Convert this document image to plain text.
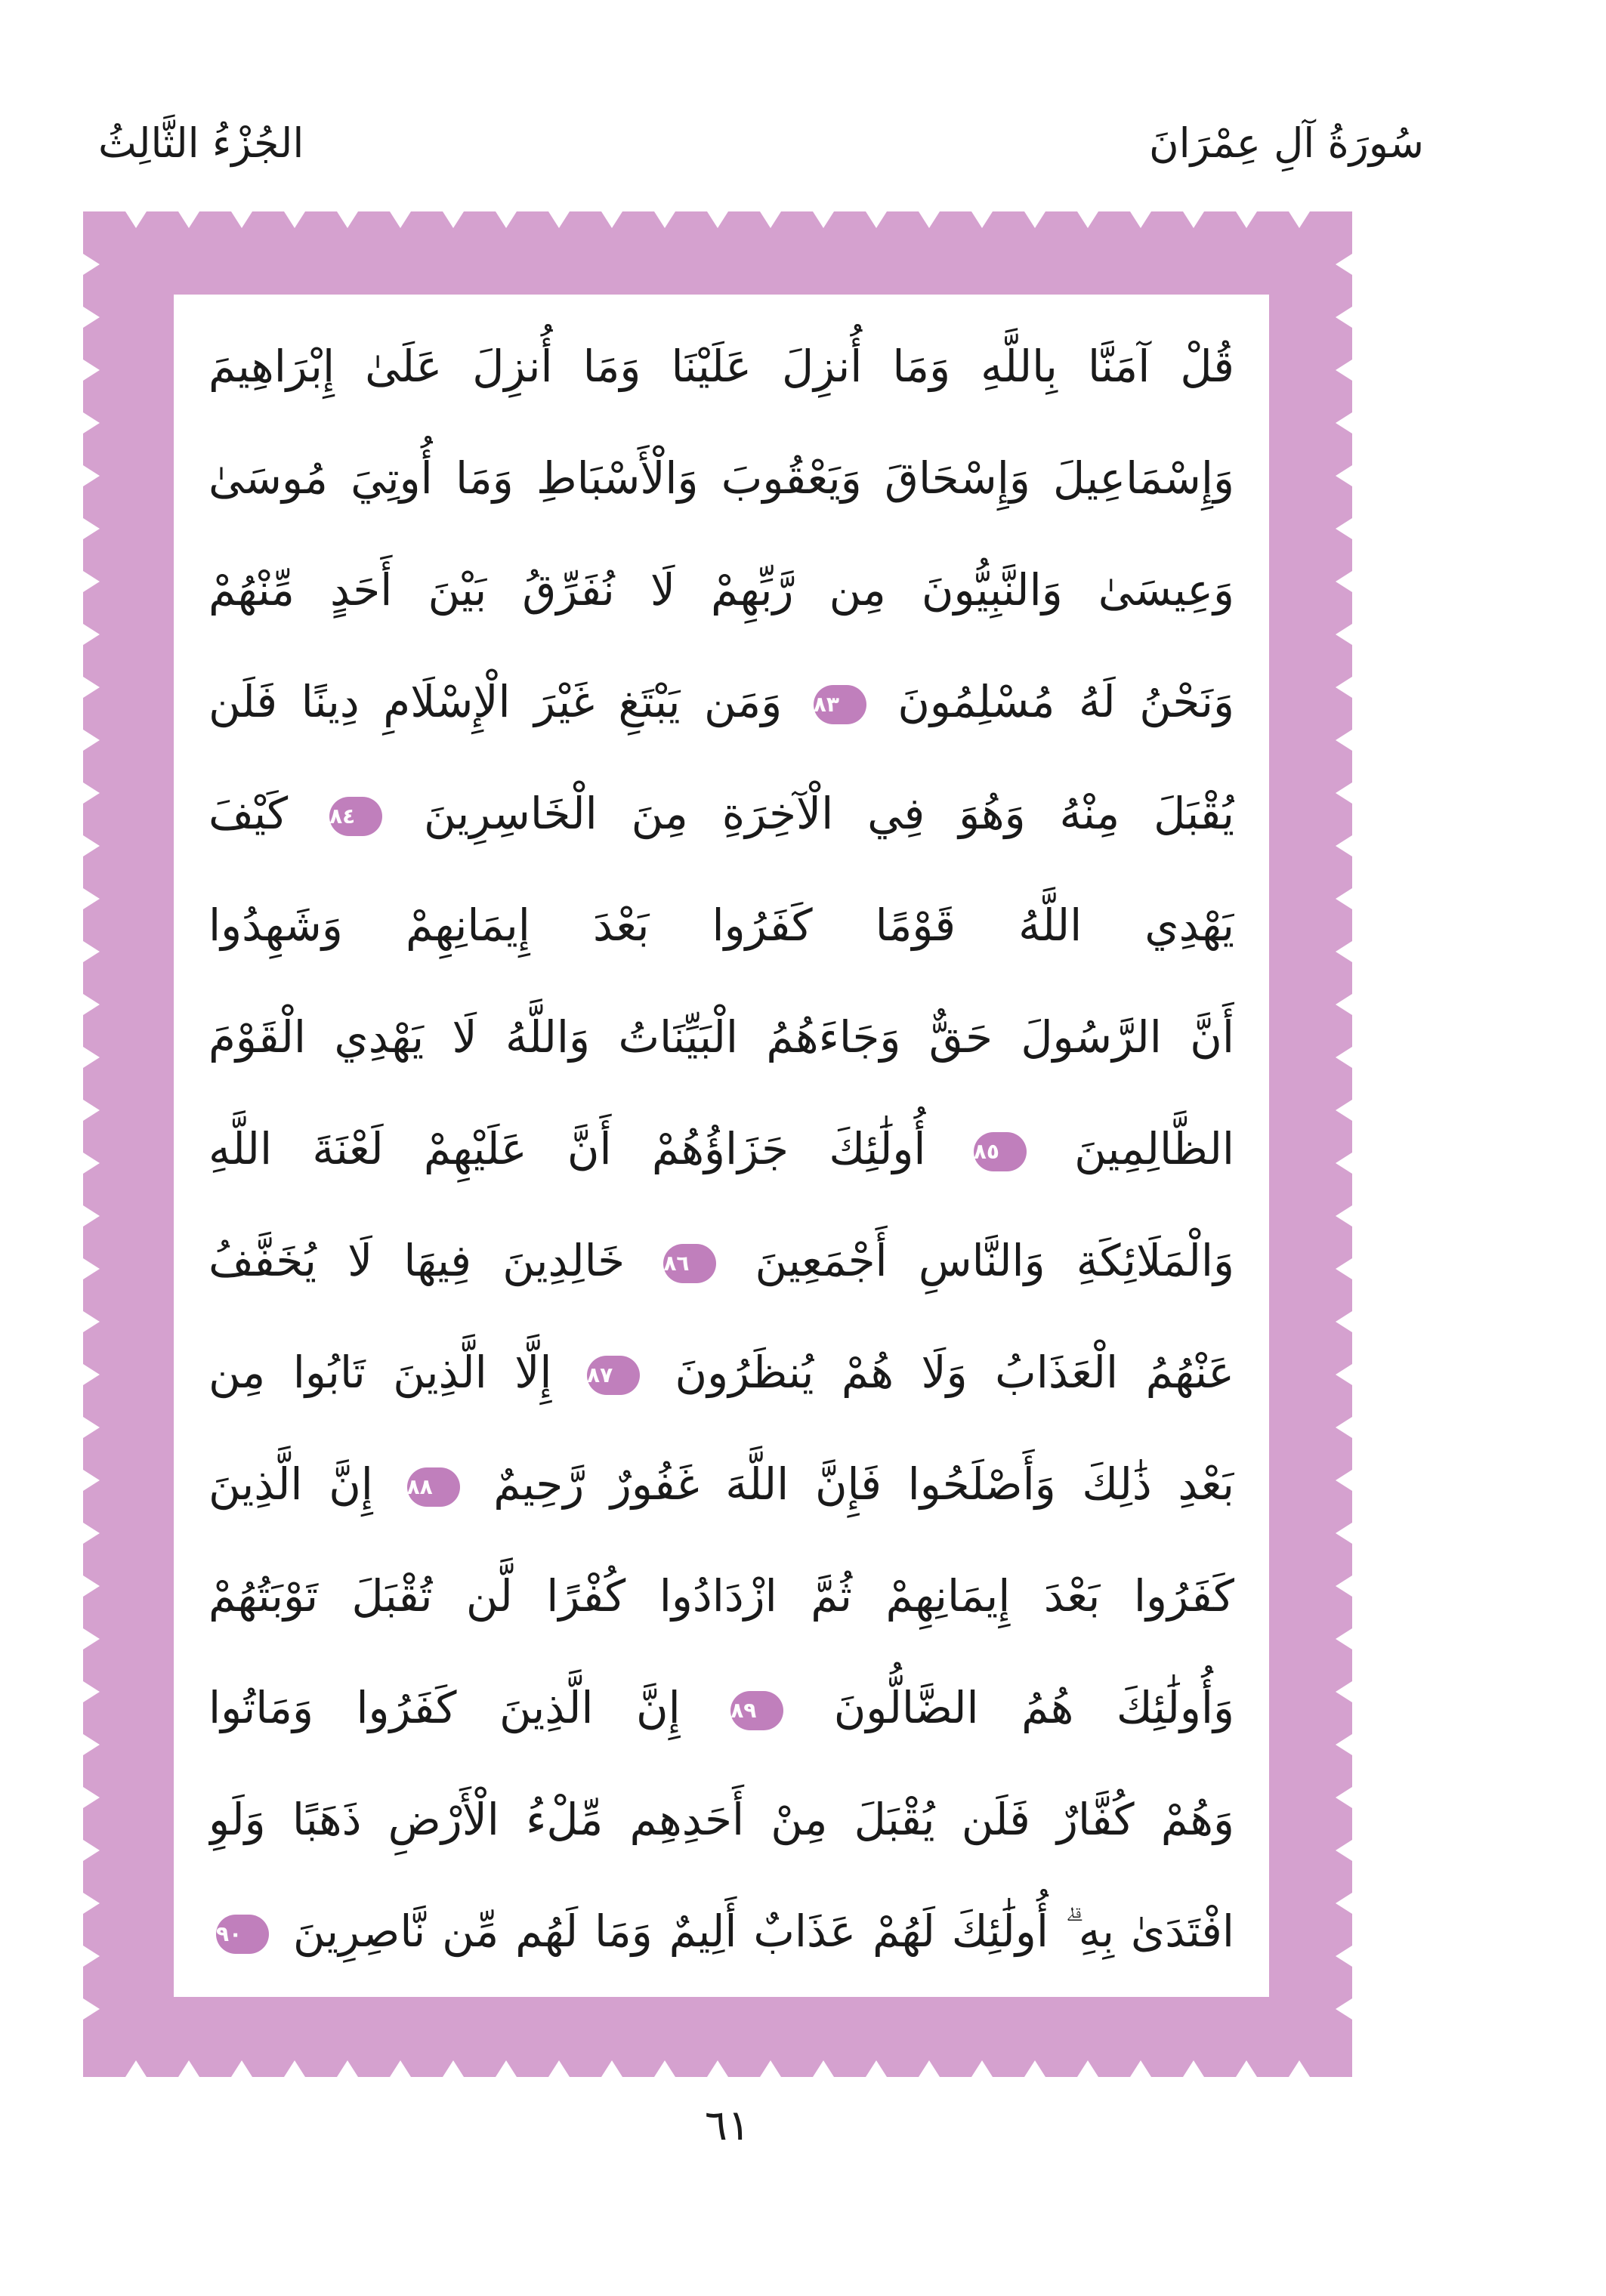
سُورَةُ آلِ عِمْرَانَ
الجُزْءُ الثَّالِثُ
قُلْ آمَنَّا بِاللَّهِ وَمَا أُنزِلَ عَلَيْنَا وَمَا أُنزِلَ عَلَىٰ إِبْرَاهِيمَ
وَإِسْمَاعِيلَ وَإِسْحَاقَ وَيَعْقُوبَ وَالْأَسْبَاطِ وَمَا أُوتِيَ مُوسَىٰ
وَعِيسَىٰ وَالنَّبِيُّونَ مِن رَّبِّهِمْ لَا نُفَرِّقُ بَيْنَ أَحَدٍ مِّنْهُمْ
وَنَحْنُ لَهُ مُسْلِمُونَ ٨٣ وَمَن يَبْتَغِ غَيْرَ الْإِسْلَامِ دِينًا فَلَن
يُقْبَلَ مِنْهُ وَهُوَ فِي الْآخِرَةِ مِنَ الْخَاسِرِينَ ٨٤ كَيْفَ
يَهْدِي اللَّهُ قَوْمًا كَفَرُوا بَعْدَ إِيمَانِهِمْ وَشَهِدُوا
أَنَّ الرَّسُولَ حَقٌّ وَجَاءَهُمُ الْبَيِّنَاتُ وَاللَّهُ لَا يَهْدِي الْقَوْمَ
الظَّالِمِينَ ٨٥ أُولَٰئِكَ جَزَاؤُهُمْ أَنَّ عَلَيْهِمْ لَعْنَةَ اللَّهِ
وَالْمَلَائِكَةِ وَالنَّاسِ أَجْمَعِينَ ٨٦ خَالِدِينَ فِيهَا لَا يُخَفَّفُ
عَنْهُمُ الْعَذَابُ وَلَا هُمْ يُنظَرُونَ ٨٧ إِلَّا الَّذِينَ تَابُوا مِن
بَعْدِ ذَٰلِكَ وَأَصْلَحُوا فَإِنَّ اللَّهَ غَفُورٌ رَّحِيمٌ ٨٨ إِنَّ الَّذِينَ
كَفَرُوا بَعْدَ إِيمَانِهِمْ ثُمَّ ازْدَادُوا كُفْرًا لَّن تُقْبَلَ تَوْبَتُهُمْ
وَأُولَٰئِكَ هُمُ الضَّالُّونَ ٨٩ إِنَّ الَّذِينَ كَفَرُوا وَمَاتُوا
وَهُمْ كُفَّارٌ فَلَن يُقْبَلَ مِنْ أَحَدِهِم مِّلْءُ الْأَرْضِ ذَهَبًا وَلَوِ
افْتَدَىٰ بِهِ ۗ أُولَٰئِكَ لَهُمْ عَذَابٌ أَلِيمٌ وَمَا لَهُم مِّن نَّاصِرِينَ ٩٠
٦١
